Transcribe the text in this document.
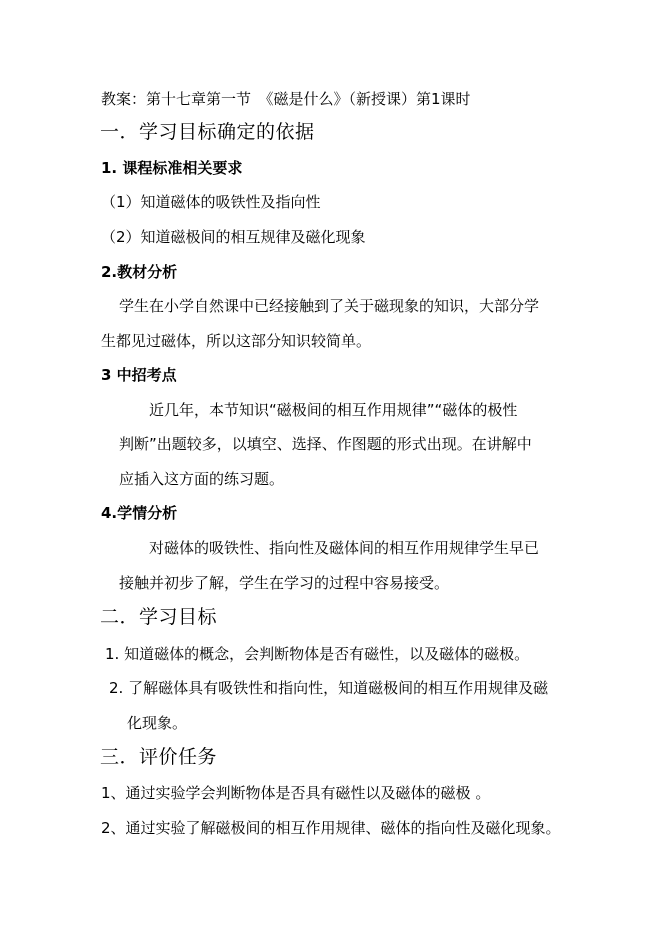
教案：第十七章第一节　《磁是什么》（新授课）第1课时
一．学习目标确定的依据
1. 课程标准相关要求
（1）知道磁体的吸铁性及指向性
（2）知道磁极间的相互规律及磁化现象
2.教材分析
学生在小学自然课中已经接触到了关于磁现象的知识，大部分学
生都见过磁体，所以这部分知识较简单。
3 中招考点
近几年，本节知识“磁极间的相互作用规律”“磁体的极性
判断”出题较多，以填空、选择、作图题的形式出现。在讲解中
应插入这方面的练习题。
4.学情分析
对磁体的吸铁性、指向性及磁体间的相互作用规律学生早已
接触并初步了解，学生在学习的过程中容易接受。
二．学习目标
1. 知道磁体的概念，会判断物体是否有磁性，以及磁体的磁极。
2. 了解磁体具有吸铁性和指向性，知道磁极间的相互作用规律及磁
化现象。
三．评价任务
1、通过实验学会判断物体是否具有磁性以及磁体的磁极 。
2、通过实验了解磁极间的相互作用规律、磁体的指向性及磁化现象。
